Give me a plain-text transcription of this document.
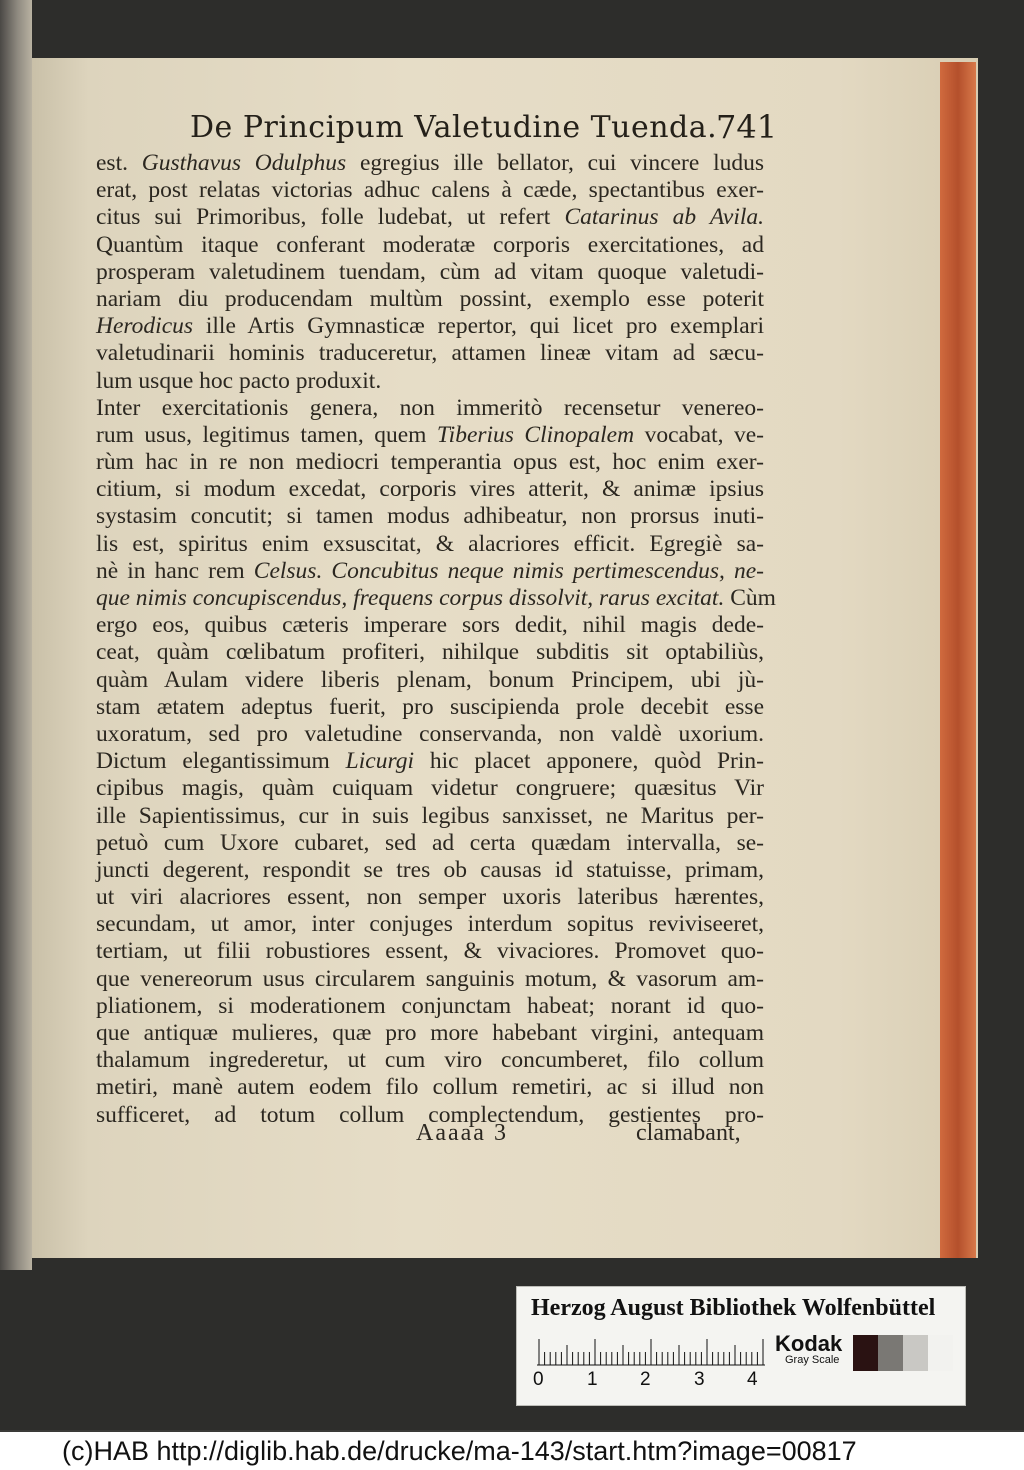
De Principum Valetudine Tuenda.
741
est. Gusthavus Odulphus egregius ille bellator, cui vincere ludus
erat, post relatas victorias adhuc calens à cæde, spectantibus exer-
citus sui Primoribus, folle ludebat, ut refert Catarinus ab Avila.
Quantùm itaque conferant moderatæ corporis exercitationes, ad
prosperam valetudinem tuendam, cùm ad vitam quoque valetudi-
nariam diu producendam multùm possint, exemplo esse poterit
Herodicus ille Artis Gymnasticæ repertor, qui licet pro exemplari
valetudinarii hominis traduceretur, attamen lineæ vitam ad sæcu-
lum usque hoc pacto produxit.
Inter exercitationis genera, non immeritò recensetur venereo-
rum usus, legitimus tamen, quem Tiberius Clinopalem vocabat, ve-
rùm hac in re non mediocri temperantia opus est, hoc enim exer-
citium, si modum excedat, corporis vires atterit, & animæ ipsius
systasim concutit; si tamen modus adhibeatur, non prorsus inuti-
lis est, spiritus enim exsuscitat, & alacriores efficit. Egregiè sa-
nè in hanc rem Celsus. Concubitus neque nimis pertimescendus, ne-
que nimis concupiscendus, frequens corpus dissolvit, rarus excitat. Cùm
ergo eos, quibus cæteris imperare sors dedit, nihil magis dede-
ceat, quàm cœlibatum profiteri, nihilque subditis sit optabiliùs,
quàm Aulam videre liberis plenam, bonum Principem, ubi jù-
stam ætatem adeptus fuerit, pro suscipienda prole decebit esse
uxoratum, sed pro valetudine conservanda, non valdè uxorium.
Dictum elegantissimum Licurgi hic placet apponere, quòd Prin-
cipibus magis, quàm cuiquam videtur congruere; quæsitus Vir
ille Sapientissimus, cur in suis legibus sanxisset, ne Maritus per-
petuò cum Uxore cubaret, sed ad certa quædam intervalla, se-
juncti degerent, respondit se tres ob causas id statuisse, primam,
ut viri alacriores essent, non semper uxoris lateribus hærentes,
secundam, ut amor, inter conjuges interdum sopitus reviviseeret,
tertiam, ut filii robustiores essent, & vivaciores. Promovet quo-
que venereorum usus circularem sanguinis motum, & vasorum am-
pliationem, si moderationem conjunctam habeat; norant id quo-
que antiquæ mulieres, quæ pro more habebant virgini, antequam
thalamum ingrederetur, ut cum viro concumberet, filo collum
metiri, manè autem eodem filo collum remetiri, ac si illud non
sufficeret, ad totum collum complectendum, gestientes pro-
Aaaaa 3	clamabant,
Herzog August Bibliothek Wolfenbüttel
0 1 2 3 4
Kodak
Gray Scale
(c)HAB http://diglib.hab.de/drucke/ma-143/start.htm?image=00817
